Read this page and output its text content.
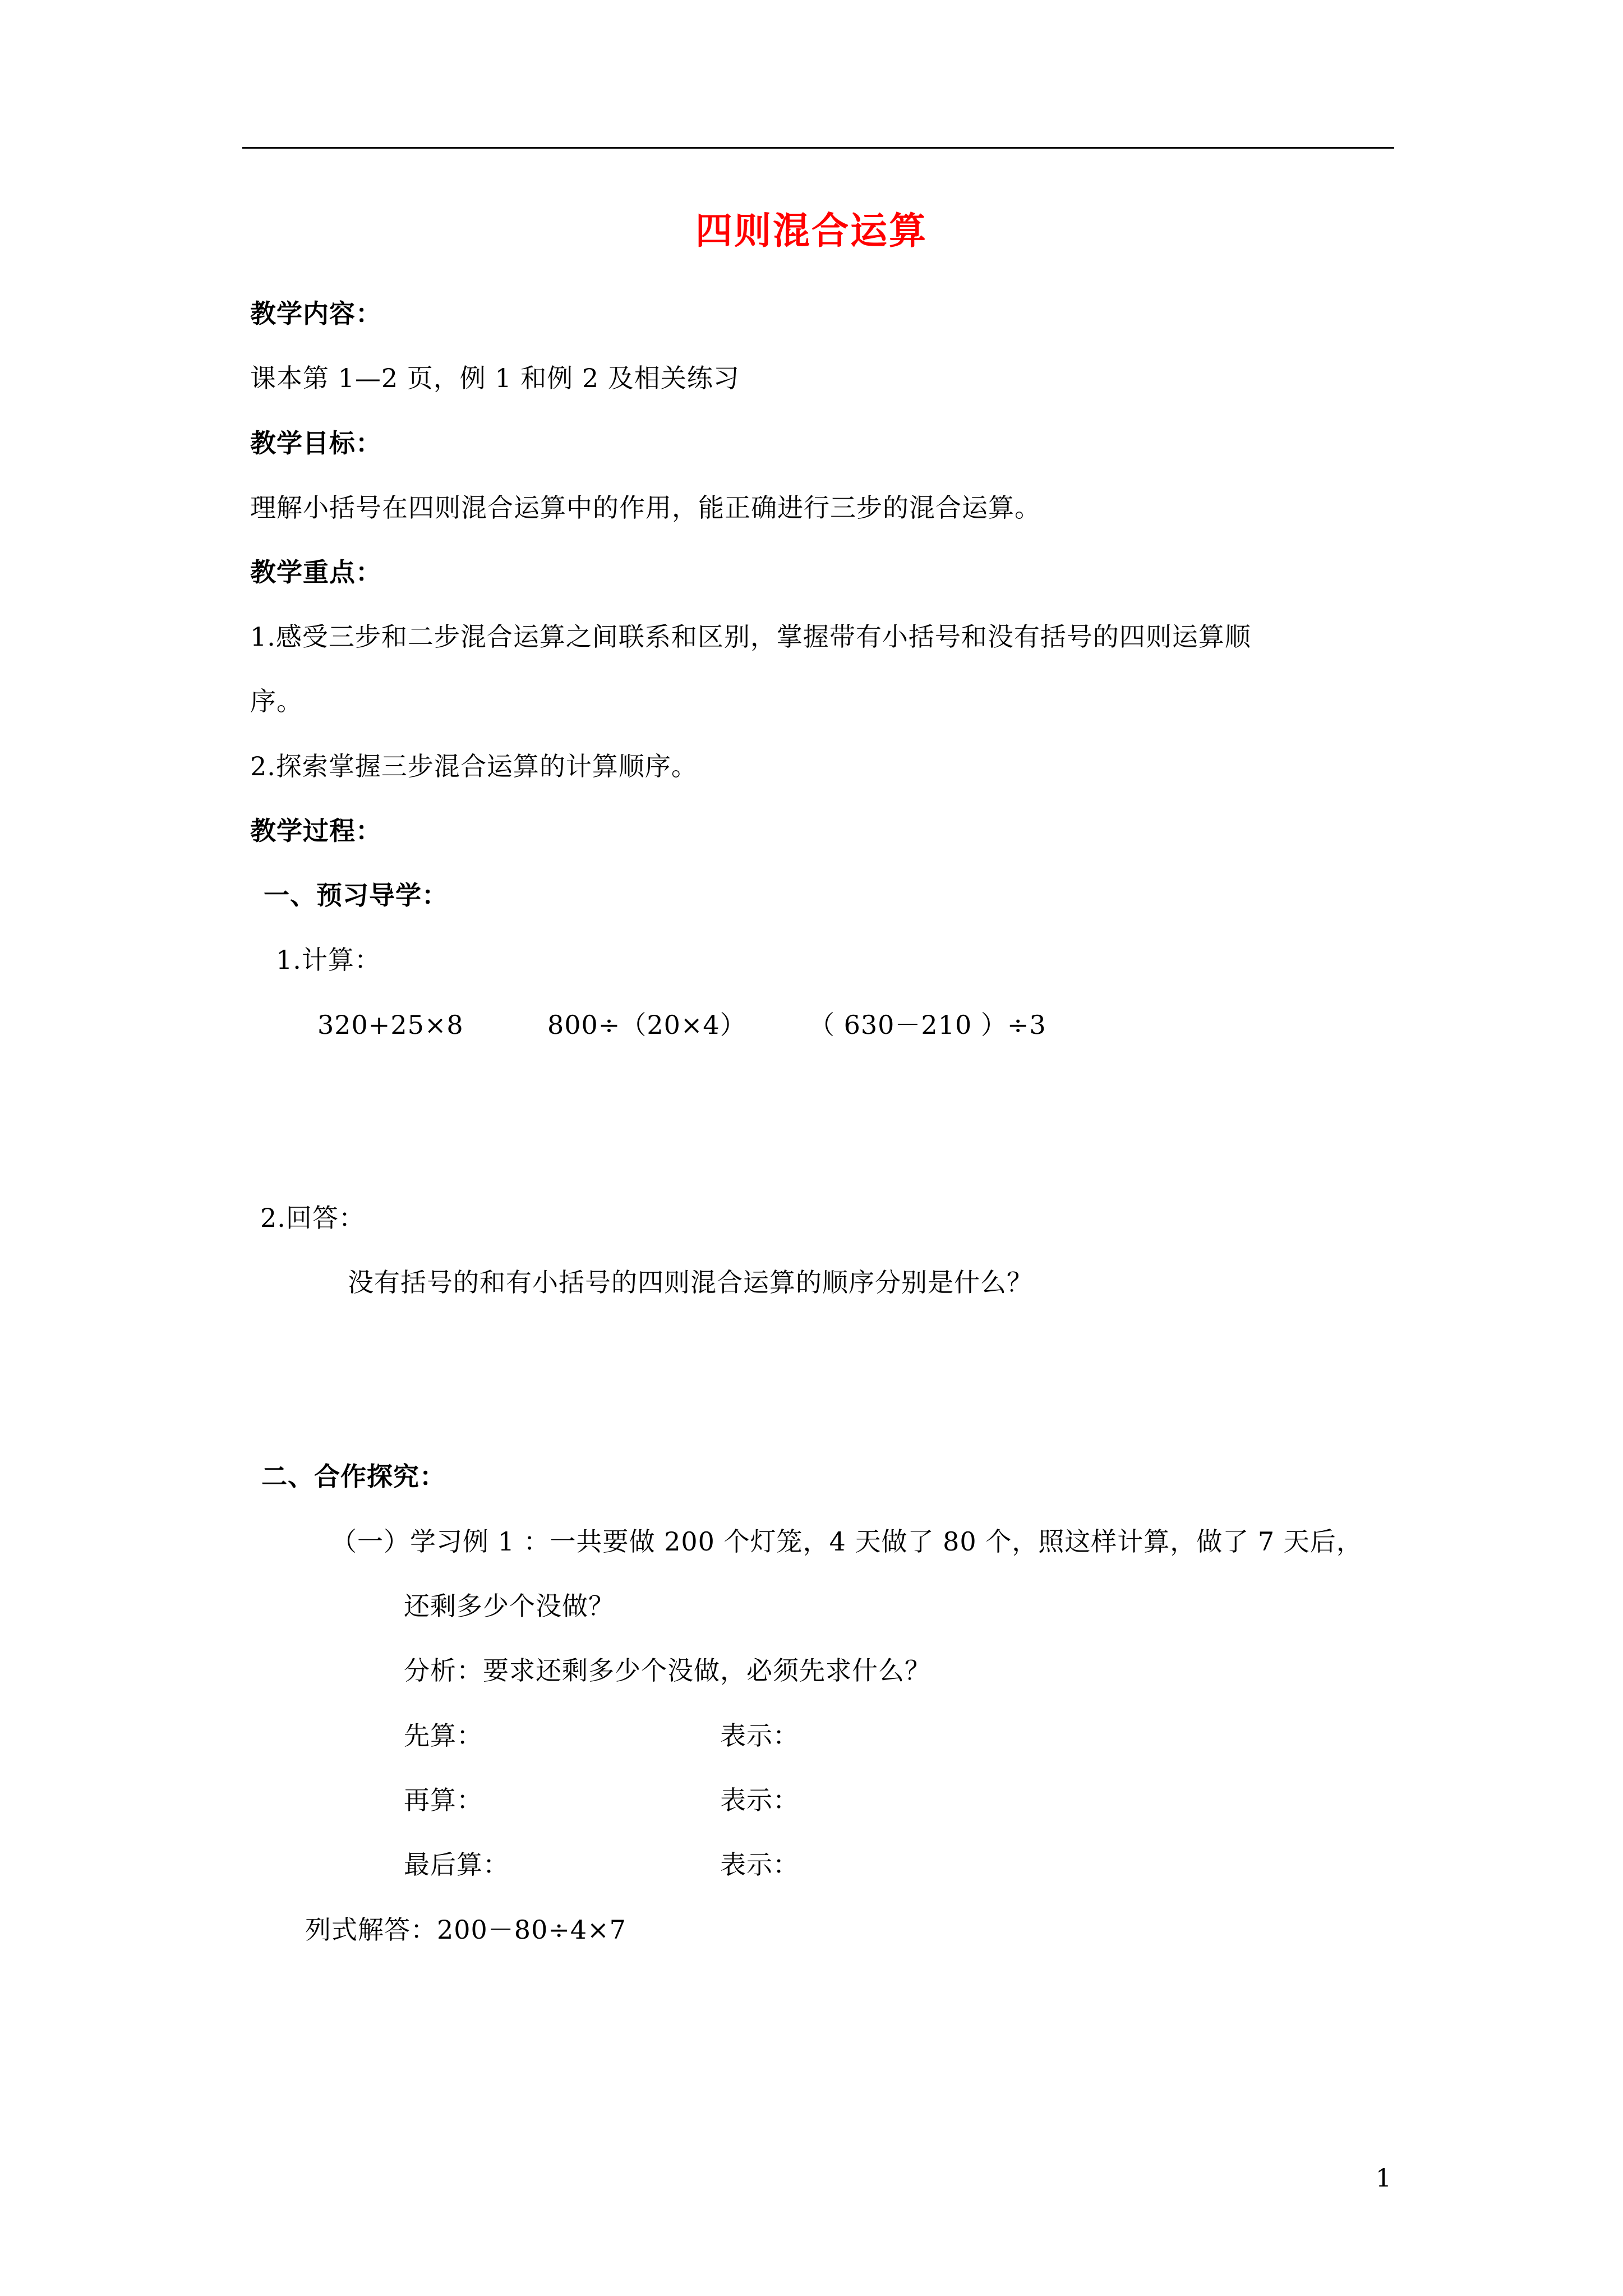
四则混合运算
教学内容：
课本第 1—2 页，例 1 和例 2 及相关练习
教学目标：
理解小括号在四则混合运算中的作用，能正确进行三步的混合运算。
教学重点：
1.感受三步和二步混合运算之间联系和区别，掌握带有小括号和没有括号的四则运算顺
序。
2.探索掌握三步混合运算的计算顺序。
教学过程：
一、预习导学：
1.计算：
320+25×8	800÷（20×4） （ 630－210 ）÷3
2.回答：
没有括号的和有小括号的四则混合运算的顺序分别是什么？
二、合作探究：
（一）学习例 1 ：一共要做 200 个灯笼，4 天做了 80 个，照这样计算，做了 7 天后，
还剩多少个没做？
分析：要求还剩多少个没做，必须先求什么？
先算：	表示：
再算：	表示：
最后算：	表示：
列式解答：200－80÷4×7
1
